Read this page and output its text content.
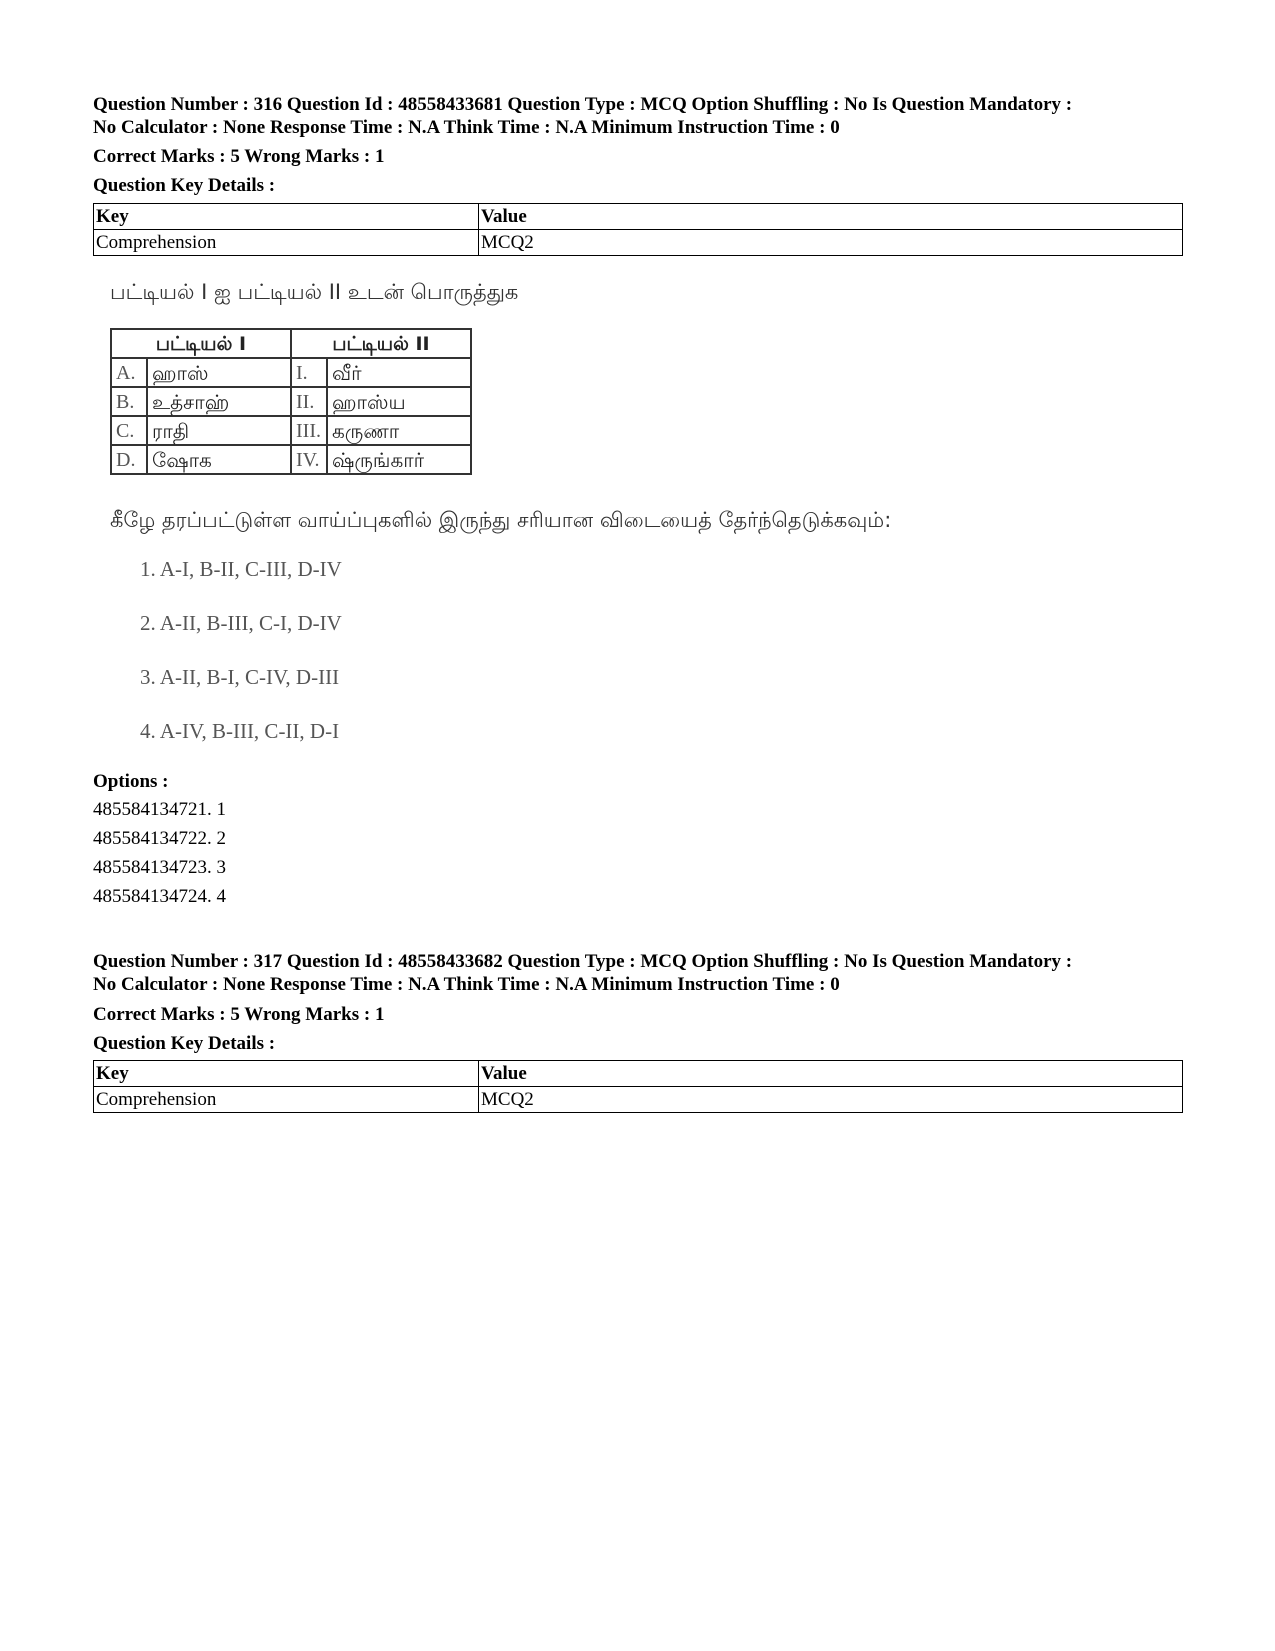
Question Number : 316 Question Id : 48558433681 Question Type : MCQ Option Shuffling : No Is Question Mandatory :
No Calculator : None Response Time : N.A Think Time : N.A Minimum Instruction Time : 0
Correct Marks : 5 Wrong Marks : 1
Question Key Details :
Key	Value
Comprehension	MCQ2
பட்டியல் I ஐ பட்டியல் II உடன் பொருத்துக
பட்டியல் I		பட்டியல் II	
A.	ஹாஸ்	I.	வீர்
B.	உத்சாஹ்	II.	ஹாஸ்ய
C.	ராதி	III.	கருணா
D.	ஷோக	IV.	ஷ்ருங்கார்
கீழே தரப்பட்டுள்ள வாய்ப்புகளில் இருந்து சரியான விடையைத் தேர்ந்தெடுக்கவும்:
1. A-I, B-II, C-III, D-IV
2. A-II, B-III, C-I, D-IV
3. A-II, B-I, C-IV, D-III
4. A-IV, B-III, C-II, D-I
Options :
485584134721. 1
485584134722. 2
485584134723. 3
485584134724. 4
Question Number : 317 Question Id : 48558433682 Question Type : MCQ Option Shuffling : No Is Question Mandatory :
No Calculator : None Response Time : N.A Think Time : N.A Minimum Instruction Time : 0
Correct Marks : 5 Wrong Marks : 1
Question Key Details :
Key	Value
Comprehension	MCQ2
